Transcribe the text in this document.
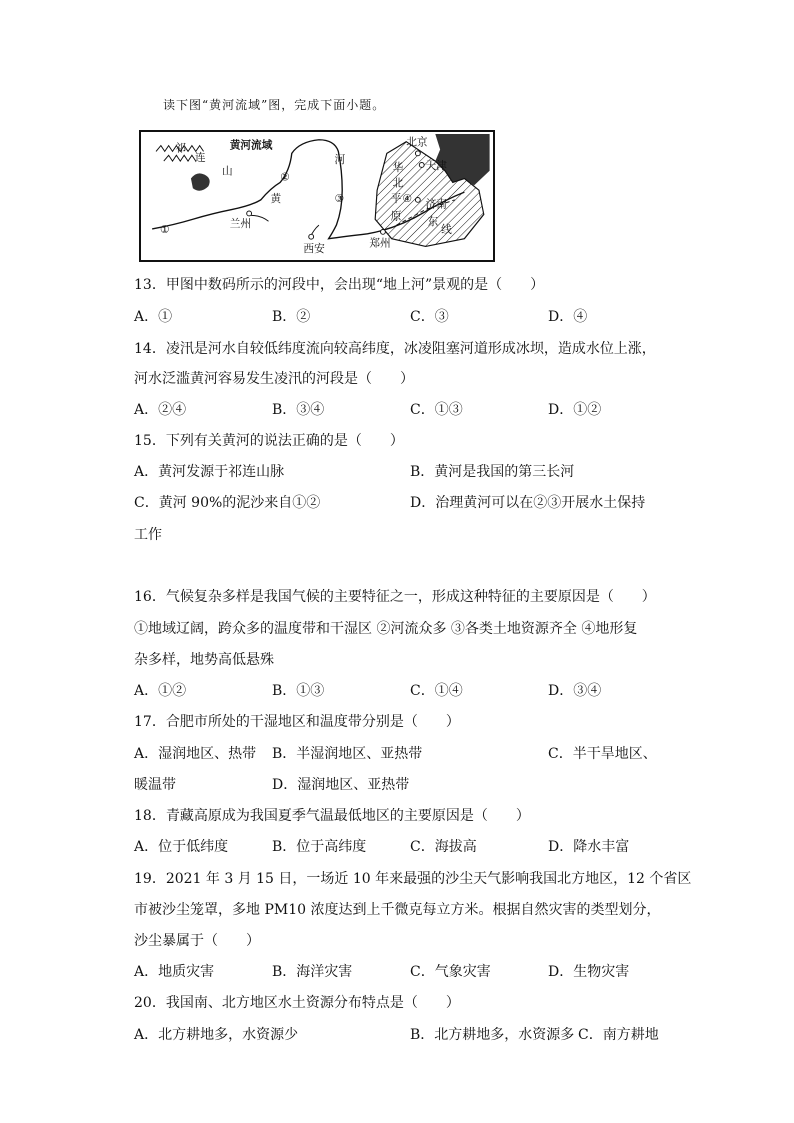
读下图“黄河流域”图，完成下面小题。
祁
连
山
黄河流域
黄
河
兰州
西安	郑州
北京
天津
济南
华
北
平
原 东
线
①
②
③	④
13．甲图中数码所示的河段中，会出现“地上河”景观的是（　　）
A．①	B．②	C．③	D．④
14．凌汛是河水自较低纬度流向较高纬度，冰凌阻塞河道形成冰坝，造成水位上涨，
河水泛滥黄河容易发生凌汛的河段是（　　）
A．②④	B．③④	C．①③	D．①②
15．下列有关黄河的说法正确的是（　　）
A．黄河发源于祁连山脉	B．黄河是我国的第三长河
C．黄河 90%的泥沙来自①②	D．治理黄河可以在②③开展水土保持
工作
16．气候复杂多样是我国气候的主要特征之一，形成这种特征的主要原因是（　　）
①地域辽阔，跨众多的温度带和干湿区 ②河流众多 ③各类土地资源齐全 ④地形复
杂多样，地势高低悬殊
A．①②	B．①③	C．①④	D．③④
17．合肥市所处的干湿地区和温度带分别是（　　）
A．湿润地区、热带 B．半湿润地区、亚热带	C．半干旱地区、
暖温带	D．湿润地区、亚热带
18．青藏高原成为我国夏季气温最低地区的主要原因是（　　）
A．位于低纬度	B．位于高纬度	C．海拔高	D．降水丰富
19．2021 年 3 月 15 日，一场近 10 年来最强的沙尘天气影响我国北方地区，12 个省区
市被沙尘笼罩，多地 PM10 浓度达到上千微克每立方米。根据自然灾害的类型划分，
沙尘暴属于（　　）
A．地质灾害	B．海洋灾害	C．气象灾害	D．生物灾害
20．我国南、北方地区水土资源分布特点是（　　）
A．北方耕地多，水资源少	B．北方耕地多，水资源多 C．南方耕地
